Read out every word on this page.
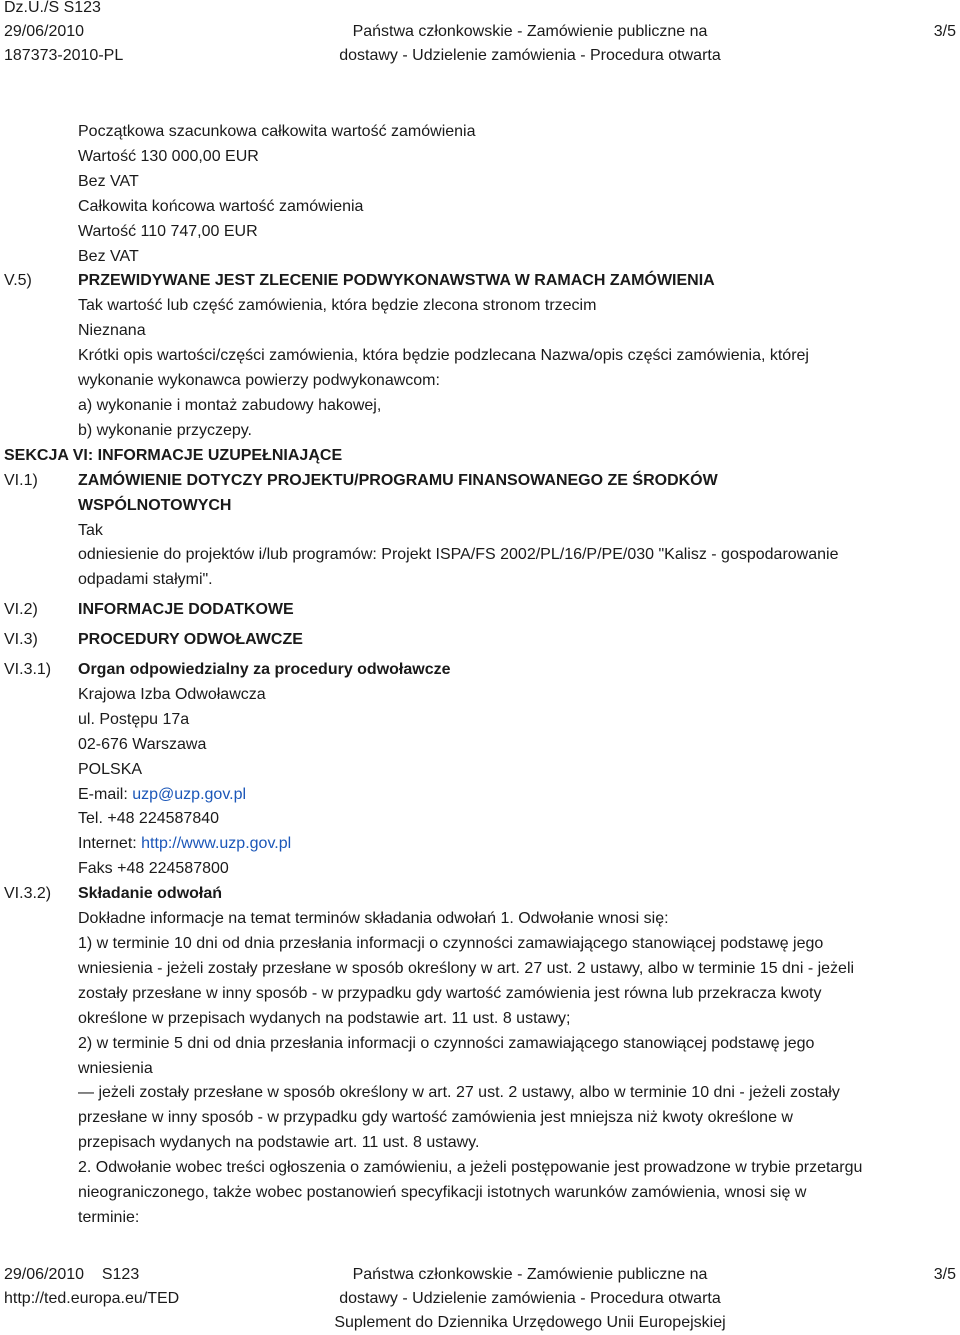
Dz.U./S S123
29/06/2010
187373-2010-PL

Państwa członkowskie - Zamówienie publiczne na
dostawy - Udzielenie zamówienia - Procedura otwarta
3/5
Początkowa szacunkowa całkowita wartość zamówienia
Wartość 130 000,00 EUR
Bez VAT
Całkowita końcowa wartość zamówienia
Wartość 110 747,00 EUR
Bez VAT
V.5)	PRZEWIDYWANE JEST ZLECENIE PODWYKONAWSTWA W RAMACH ZAMÓWIENIA
Tak wartość lub część zamówienia, która będzie zlecona stronom trzecim
Nieznana
Krótki opis wartości/części zamówienia, która będzie podzlecana Nazwa/opis części zamówienia, której
wykonanie wykonawca powierzy podwykonawcom:
a) wykonanie i montaż zabudowy hakowej,
b) wykonanie przyczepy.
SEKCJA VI: INFORMACJE UZUPEŁNIAJĄCE
VI.1)	ZAMÓWIENIE DOTYCZY PROJEKTU/PROGRAMU FINANSOWANEGO ZE ŚRODKÓW
WSPÓLNOTOWYCH
Tak
odniesienie do projektów i/lub programów: Projekt ISPA/FS 2002/PL/16/P/PE/030 "Kalisz - gospodarowanie
odpadami stałymi".
VI.2)	INFORMACJE DODATKOWE
VI.3)	PROCEDURY ODWOŁAWCZE
VI.3.1)	Organ odpowiedzialny za procedury odwoławcze
Krajowa Izba Odwoławcza
ul. Postępu 17a
02-676 Warszawa
POLSKA
E-mail: uzp@uzp.gov.pl
Tel. +48 224587840
Internet: http://www.uzp.gov.pl
Faks +48 224587800
VI.3.2)	Składanie odwołań
Dokładne informacje na temat terminów składania odwołań 1. Odwołanie wnosi się:
1) w terminie 10 dni od dnia przesłania informacji o czynności zamawiającego stanowiącej podstawę jego
wniesienia - jeżeli zostały przesłane w sposób określony w art. 27 ust. 2 ustawy, albo w terminie 15 dni - jeżeli
zostały przesłane w inny sposób - w przypadku gdy wartość zamówienia jest równa lub przekracza kwoty
określone w przepisach wydanych na podstawie art. 11 ust. 8 ustawy;
2) w terminie 5 dni od dnia przesłania informacji o czynności zamawiającego stanowiącej podstawę jego
wniesienia
— jeżeli zostały przesłane w sposób określony w art. 27 ust. 2 ustawy, albo w terminie 10 dni - jeżeli zostały
przesłane w inny sposób - w przypadku gdy wartość zamówienia jest mniejsza niż kwoty określone w
przepisach wydanych na podstawie art. 11 ust. 8 ustawy.
2. Odwołanie wobec treści ogłoszenia o zamówieniu, a jeżeli postępowanie jest prowadzone w trybie przetargu
nieograniczonego, także wobec postanowień specyfikacji istotnych warunków zamówienia, wnosi się w
terminie:
29/06/2010 S123
http://ted.europa.eu/TED
Państwa członkowskie - Zamówienie publiczne na
dostawy - Udzielenie zamówienia - Procedura otwarta
Suplement do Dziennika Urzędowego Unii Europejskiej
3/5
